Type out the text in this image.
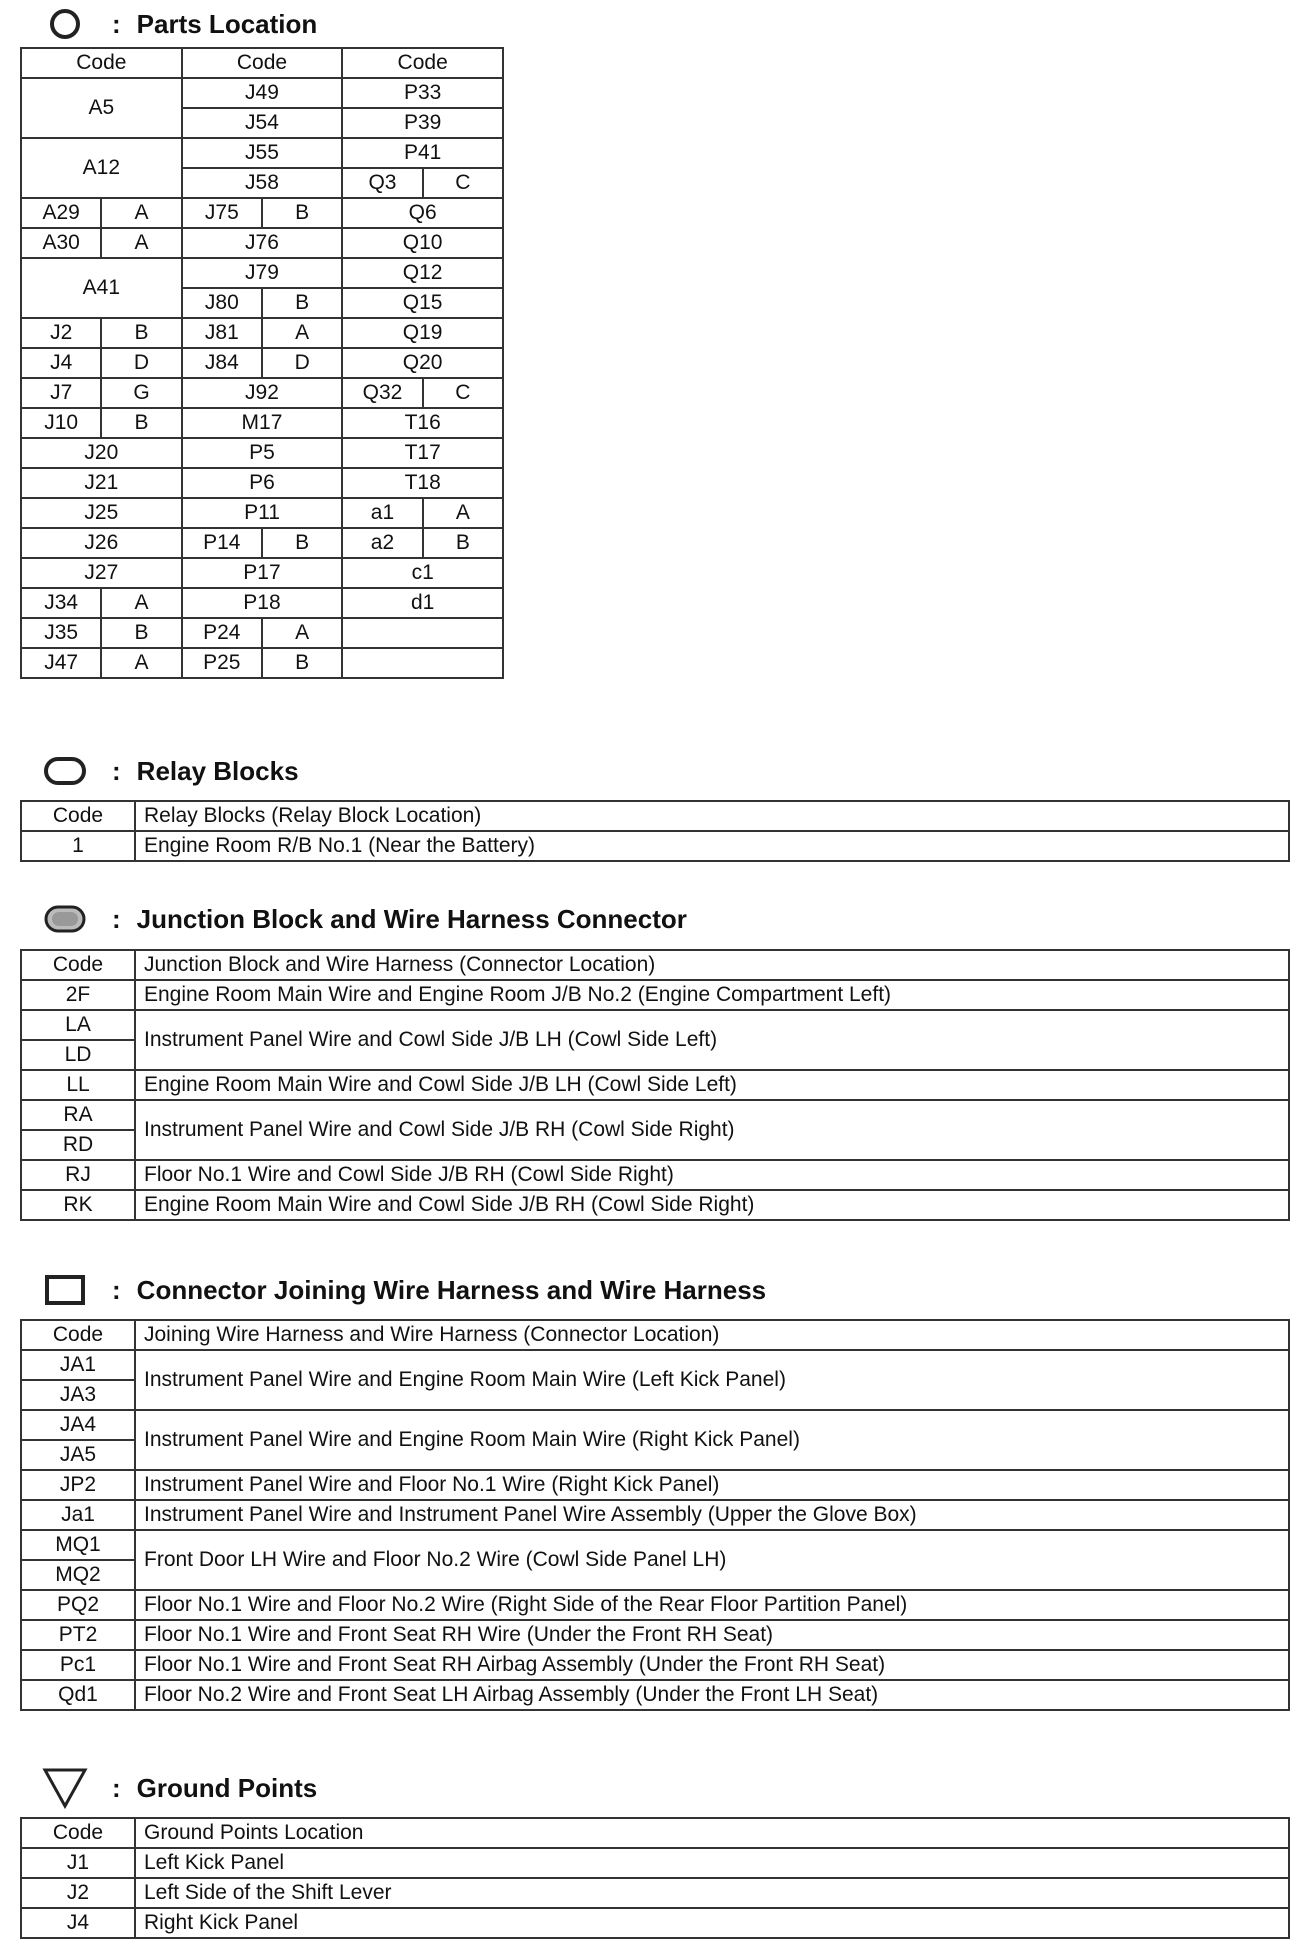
: Parts Location
Code		Code		Code	
A5		J49		P33	
		J54		P39	
A12		J55		P41	
		J58		Q3	C
A29	A	J75	B	Q6	
A30	A	J76		Q10	
A41		J79		Q12	
		J80	B	Q15	
J2	B	J81	A	Q19	
J4	D	J84	D	Q20	
J7	G	J92		Q32	C
J10	B	M17		T16	
J20		P5		T17	
J21		P6		T18	
J25		P11		a1	A
J26		P14	B	a2	B
J27		P17		c1	
J34	A	P18		d1	
J35	B	P24	A		
J47	A	P25	B		
: Relay Blocks
Code	Relay Blocks (Relay Block Location)
1	Engine Room R/B No.1 (Near the Battery)
: Junction Block and Wire Harness Connector
Code	Junction Block and Wire Harness (Connector Location)
2F	Engine Room Main Wire and Engine Room J/B No.2 (Engine Compartment Left)
LA	Instrument Panel Wire and Cowl Side J/B LH (Cowl Side Left)
LD	
LL	Engine Room Main Wire and Cowl Side J/B LH (Cowl Side Left)
RA	Instrument Panel Wire and Cowl Side J/B RH (Cowl Side Right)
RD	
RJ	Floor No.1 Wire and Cowl Side J/B RH (Cowl Side Right)
RK	Engine Room Main Wire and Cowl Side J/B RH (Cowl Side Right)
: Connector Joining Wire Harness and Wire Harness
Code	Joining Wire Harness and Wire Harness (Connector Location)
JA1	Instrument Panel Wire and Engine Room Main Wire (Left Kick Panel)
JA3	
JA4	Instrument Panel Wire and Engine Room Main Wire (Right Kick Panel)
JA5	
JP2	Instrument Panel Wire and Floor No.1 Wire (Right Kick Panel)
Ja1	Instrument Panel Wire and Instrument Panel Wire Assembly (Upper the Glove Box)
MQ1	Front Door LH Wire and Floor No.2 Wire (Cowl Side Panel LH)
MQ2	
PQ2	Floor No.1 Wire and Floor No.2 Wire (Right Side of the Rear Floor Partition Panel)
PT2	Floor No.1 Wire and Front Seat RH Wire (Under the Front RH Seat)
Pc1	Floor No.1 Wire and Front Seat RH Airbag Assembly (Under the Front RH Seat)
Qd1	Floor No.2 Wire and Front Seat LH Airbag Assembly (Under the Front LH Seat)
: Ground Points
Code	Ground Points Location
J1	Left Kick Panel
J2	Left Side of the Shift Lever
J4	Right Kick Panel
